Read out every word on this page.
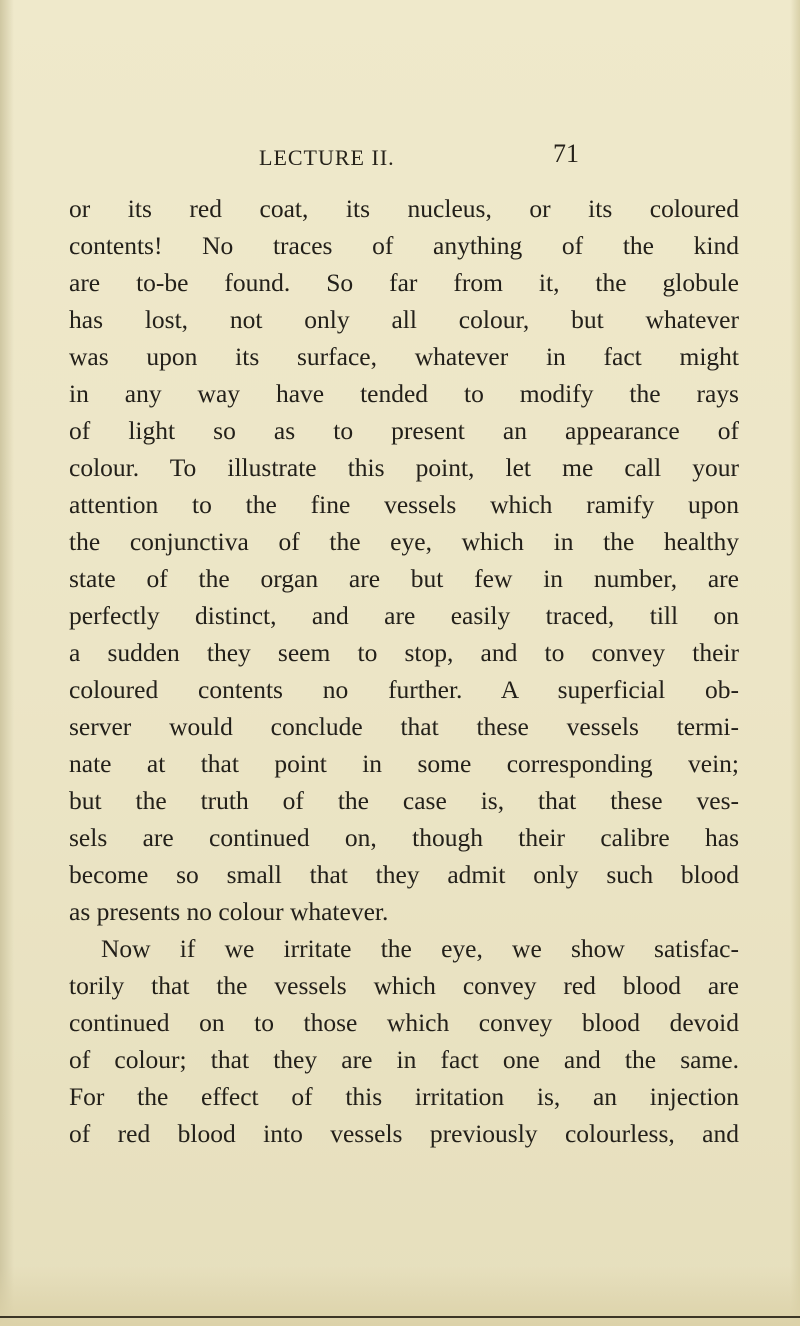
LECTURE II.	71
or its red coat, its nucleus, or its coloured
contents! No traces of anything of the kind
are to-be found. So far from it, the globule
has lost, not only all colour, but whatever
was upon its surface, whatever in fact might
in any way have tended to modify the rays
of light so as to present an appearance of
colour. To illustrate this point, let me call your
attention to the fine vessels which ramify upon
the conjunctiva of the eye, which in the healthy
state of the organ are but few in number, are
perfectly distinct, and are easily traced, till on
a sudden they seem to stop, and to convey their
coloured contents no further. A superficial ob-
server would conclude that these vessels termi-
nate at that point in some corresponding vein;
but the truth of the case is, that these ves-
sels are continued on, though their calibre has
become so small that they admit only such blood
as presents no colour whatever.
Now if we irritate the eye, we show satisfac-
torily that the vessels which convey red blood are
continued on to those which convey blood devoid
of colour; that they are in fact one and the same.
For the effect of this irritation is, an injection
of red blood into vessels previously colourless, and
